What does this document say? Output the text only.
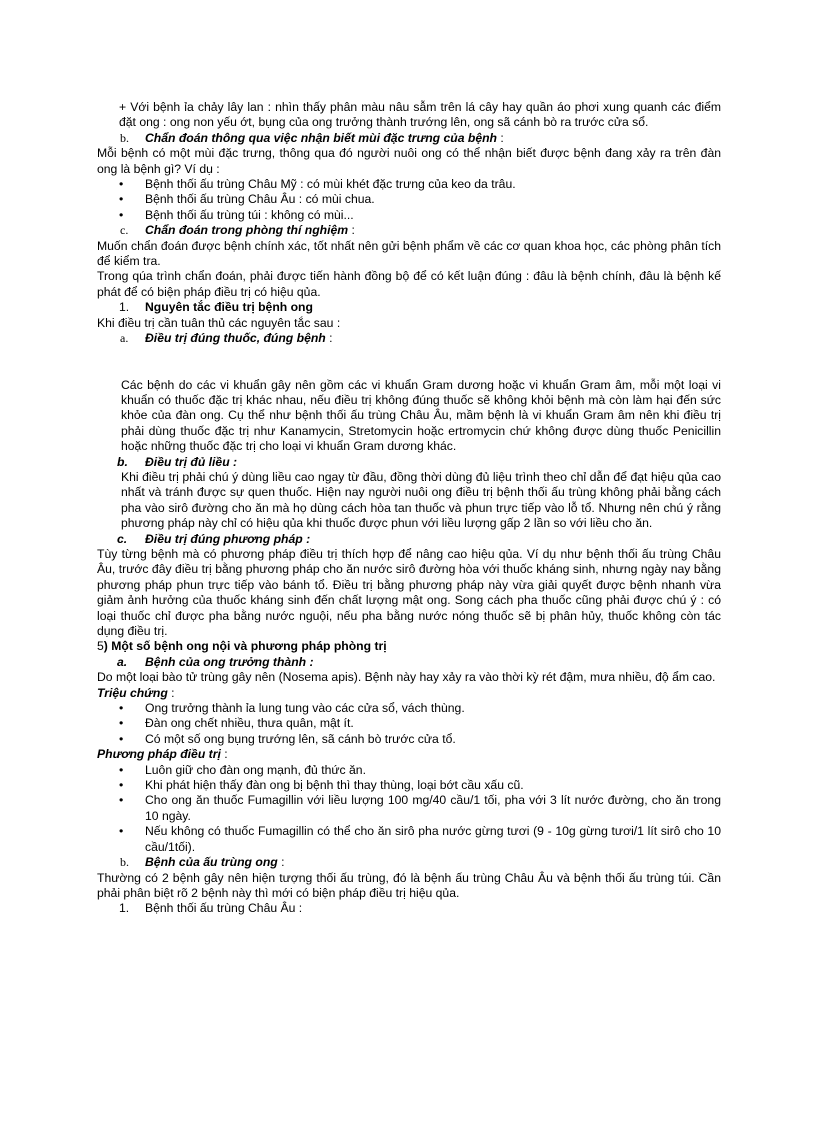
+ Với bệnh ỉa chảy lây lan : nhìn thấy phân màu nâu sẫm trên lá cây hay quần áo phơi xung quanh các điểm đặt ong : ong non yếu ớt, bụng của ong trưởng thành trướng lên, ong sã cánh bò ra trước cửa sổ.

b. Chẩn đoán thông qua việc nhận biết mùi đặc trưng của bệnh :

Mỗi bệnh có một mùi đặc trưng, thông qua đó người nuôi ong có thể nhận biết được bệnh đang xảy ra trên đàn ong là bệnh gì? Ví dụ :

• Bệnh thối ấu trùng Châu Mỹ : có mùi khét đặc trưng của keo da trâu.
• Bệnh thối ấu trùng Châu Âu : có mùi chua.
• Bệnh thối ấu trùng túi : không có mùi...

c. Chẩn đoán trong phòng thí nghiệm :

Muốn chẩn đoán được bệnh chính xác, tốt nhất nên gửi bệnh phẩm về các cơ quan khoa học, các phòng phân tích để kiểm tra.

Trong qúa trình chẩn đoán, phải được tiến hành đồng bộ để có kết luận đúng : đâu là bệnh chính, đâu là bệnh kế phát để có biện pháp điều trị có hiệu qủa.

1. Nguyên tắc điều trị bệnh ong

Khi điều trị cần tuân thủ các nguyên tắc sau :

a. Điều trị đúng thuốc, đúng bệnh :

Các bệnh do các vi khuẩn gây nên gồm các vi khuẩn Gram dương hoặc vi khuẩn Gram âm, mỗi một loại vi khuẩn có thuốc đặc trị khác nhau, nếu điều trị không đúng thuốc sẽ không khỏi bệnh mà còn làm hại đến sức khỏe của đàn ong. Cụ thể như bệnh thối ấu trùng Châu Âu, mầm bệnh là vi khuẩn Gram âm nên khi điều trị phải dùng thuốc đặc trị như Kanamycin, Stretomycin hoặc ertromycin chứ không được dùng thuốc Penicillin hoặc những thuốc đặc trị cho loại vi khuẩn Gram dương khác.

b. Điều trị đủ liều :

Khi điều trị phải chú ý dùng liều cao ngay từ đầu, đồng thời dùng đủ liệu trình theo chỉ dẫn để đạt hiệu qủa cao nhất và tránh được sự quen thuốc. Hiện nay người nuôi ong điều trị bệnh thối ấu trùng không phải bằng cách pha vào sirô đường cho ăn mà họ dùng cách hòa tan thuốc và phun trực tiếp vào lỗ tổ. Nhưng nên chú ý rằng phương pháp này chỉ có hiệu qủa khi thuốc được phun với liều lượng gấp 2 lần so với liều cho ăn.

c. Điều trị đúng phương pháp :

Tùy từng bệnh mà có phương pháp điều trị thích hợp để nâng cao hiệu qủa. Ví dụ như bệnh thối ấu trùng Châu Âu, trước đây điều trị bằng phương pháp cho ăn nước sirô đường hòa với thuốc kháng sinh, nhưng ngày nay bằng phương pháp phun trực tiếp vào bánh tổ. Điều trị bằng phương pháp này vừa giải quyết được bệnh nhanh vừa giảm ảnh hưởng của thuốc kháng sinh đến chất lượng mật ong. Song cách pha thuốc cũng phải được chú ý : có loại thuốc chỉ được pha bằng nước nguội, nếu pha bằng nước nóng thuốc sẽ bị phân hủy, thuốc không còn tác dụng điều trị.

5) Một số bệnh ong nội và phương pháp phòng trị

a. Bệnh của ong trưởng thành :

Do một loại bào tử trùng gây nên (Nosema apis). Bệnh này hay xảy ra vào thời kỳ rét đậm, mưa nhiều, độ ẩm cao.

Triệu chứng :

• Ong trưởng thành ỉa lung tung vào các cửa sổ, vách thùng.
• Đàn ong chết nhiều, thưa quân, mật ít.
• Có một số ong bụng trướng lên, sã cánh bò trước cửa tổ.

Phương pháp điều trị :

• Luôn giữ cho đàn ong mạnh, đủ thức ăn.
• Khi phát hiện thấy đàn ong bị bệnh thì thay thùng, loại bớt cầu xấu cũ.
• Cho ong ăn thuốc Fumagillin với liều lượng 100 mg/40 cầu/1 tối, pha với 3 lít nước đường, cho ăn trong 10 ngày.
• Nếu không có thuốc Fumagillin có thể cho ăn sirô pha nước gừng tươi (9 - 10g gừng tươi/1 lít sirô cho 10 cầu/1tối).

b. Bệnh của ấu trùng ong :

Thường có 2 bệnh gây nên hiện tượng thối ấu trùng, đó là bệnh ấu trùng Châu Âu và bệnh thối ấu trùng túi. Cần phải phân biệt rõ 2 bệnh này thì mới có biện pháp điều trị hiệu qủa.

1. Bệnh thối ấu trùng Châu Âu :
